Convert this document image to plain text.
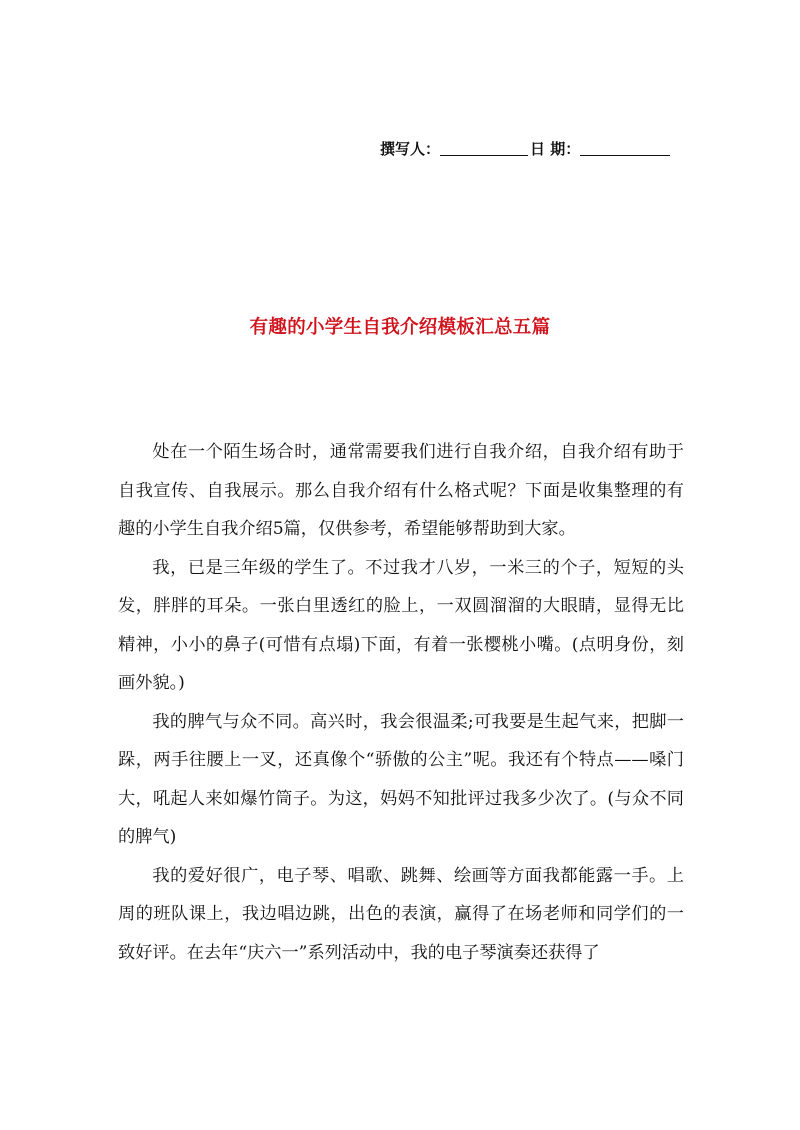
撰写人：	日 期：
有趣的小学生自我介绍模板汇总五篇

处在一个陌生场合时，通常需要我们进行自我介绍，自我介绍有助于自我宣传、自我展示。那么自我介绍有什么格式呢？下面是收集整理的有趣的小学生自我介绍5篇，仅供参考，希望能够帮助到大家。

我，已是三年级的学生了。不过我才八岁，一米三的个子，短短的头发，胖胖的耳朵。一张白里透红的脸上，一双圆溜溜的大眼睛，显得无比精神，小小的鼻子(可惜有点塌)下面，有着一张樱桃小嘴。(点明身份，刻画外貌。)

我的脾气与众不同。高兴时，我会很温柔;可我要是生起气来，把脚一跺，两手往腰上一叉，还真像个“骄傲的公主”呢。我还有个特点——嗓门大，吼起人来如爆竹筒子。为这，妈妈不知批评过我多少次了。(与众不同的脾气)

我的爱好很广，电子琴、唱歌、跳舞、绘画等方面我都能露一手。上周的班队课上，我边唱边跳，出色的表演，赢得了在场老师和同学们的一致好评。在去年“庆六一”系列活动中，我的电子琴演奏还获得了
